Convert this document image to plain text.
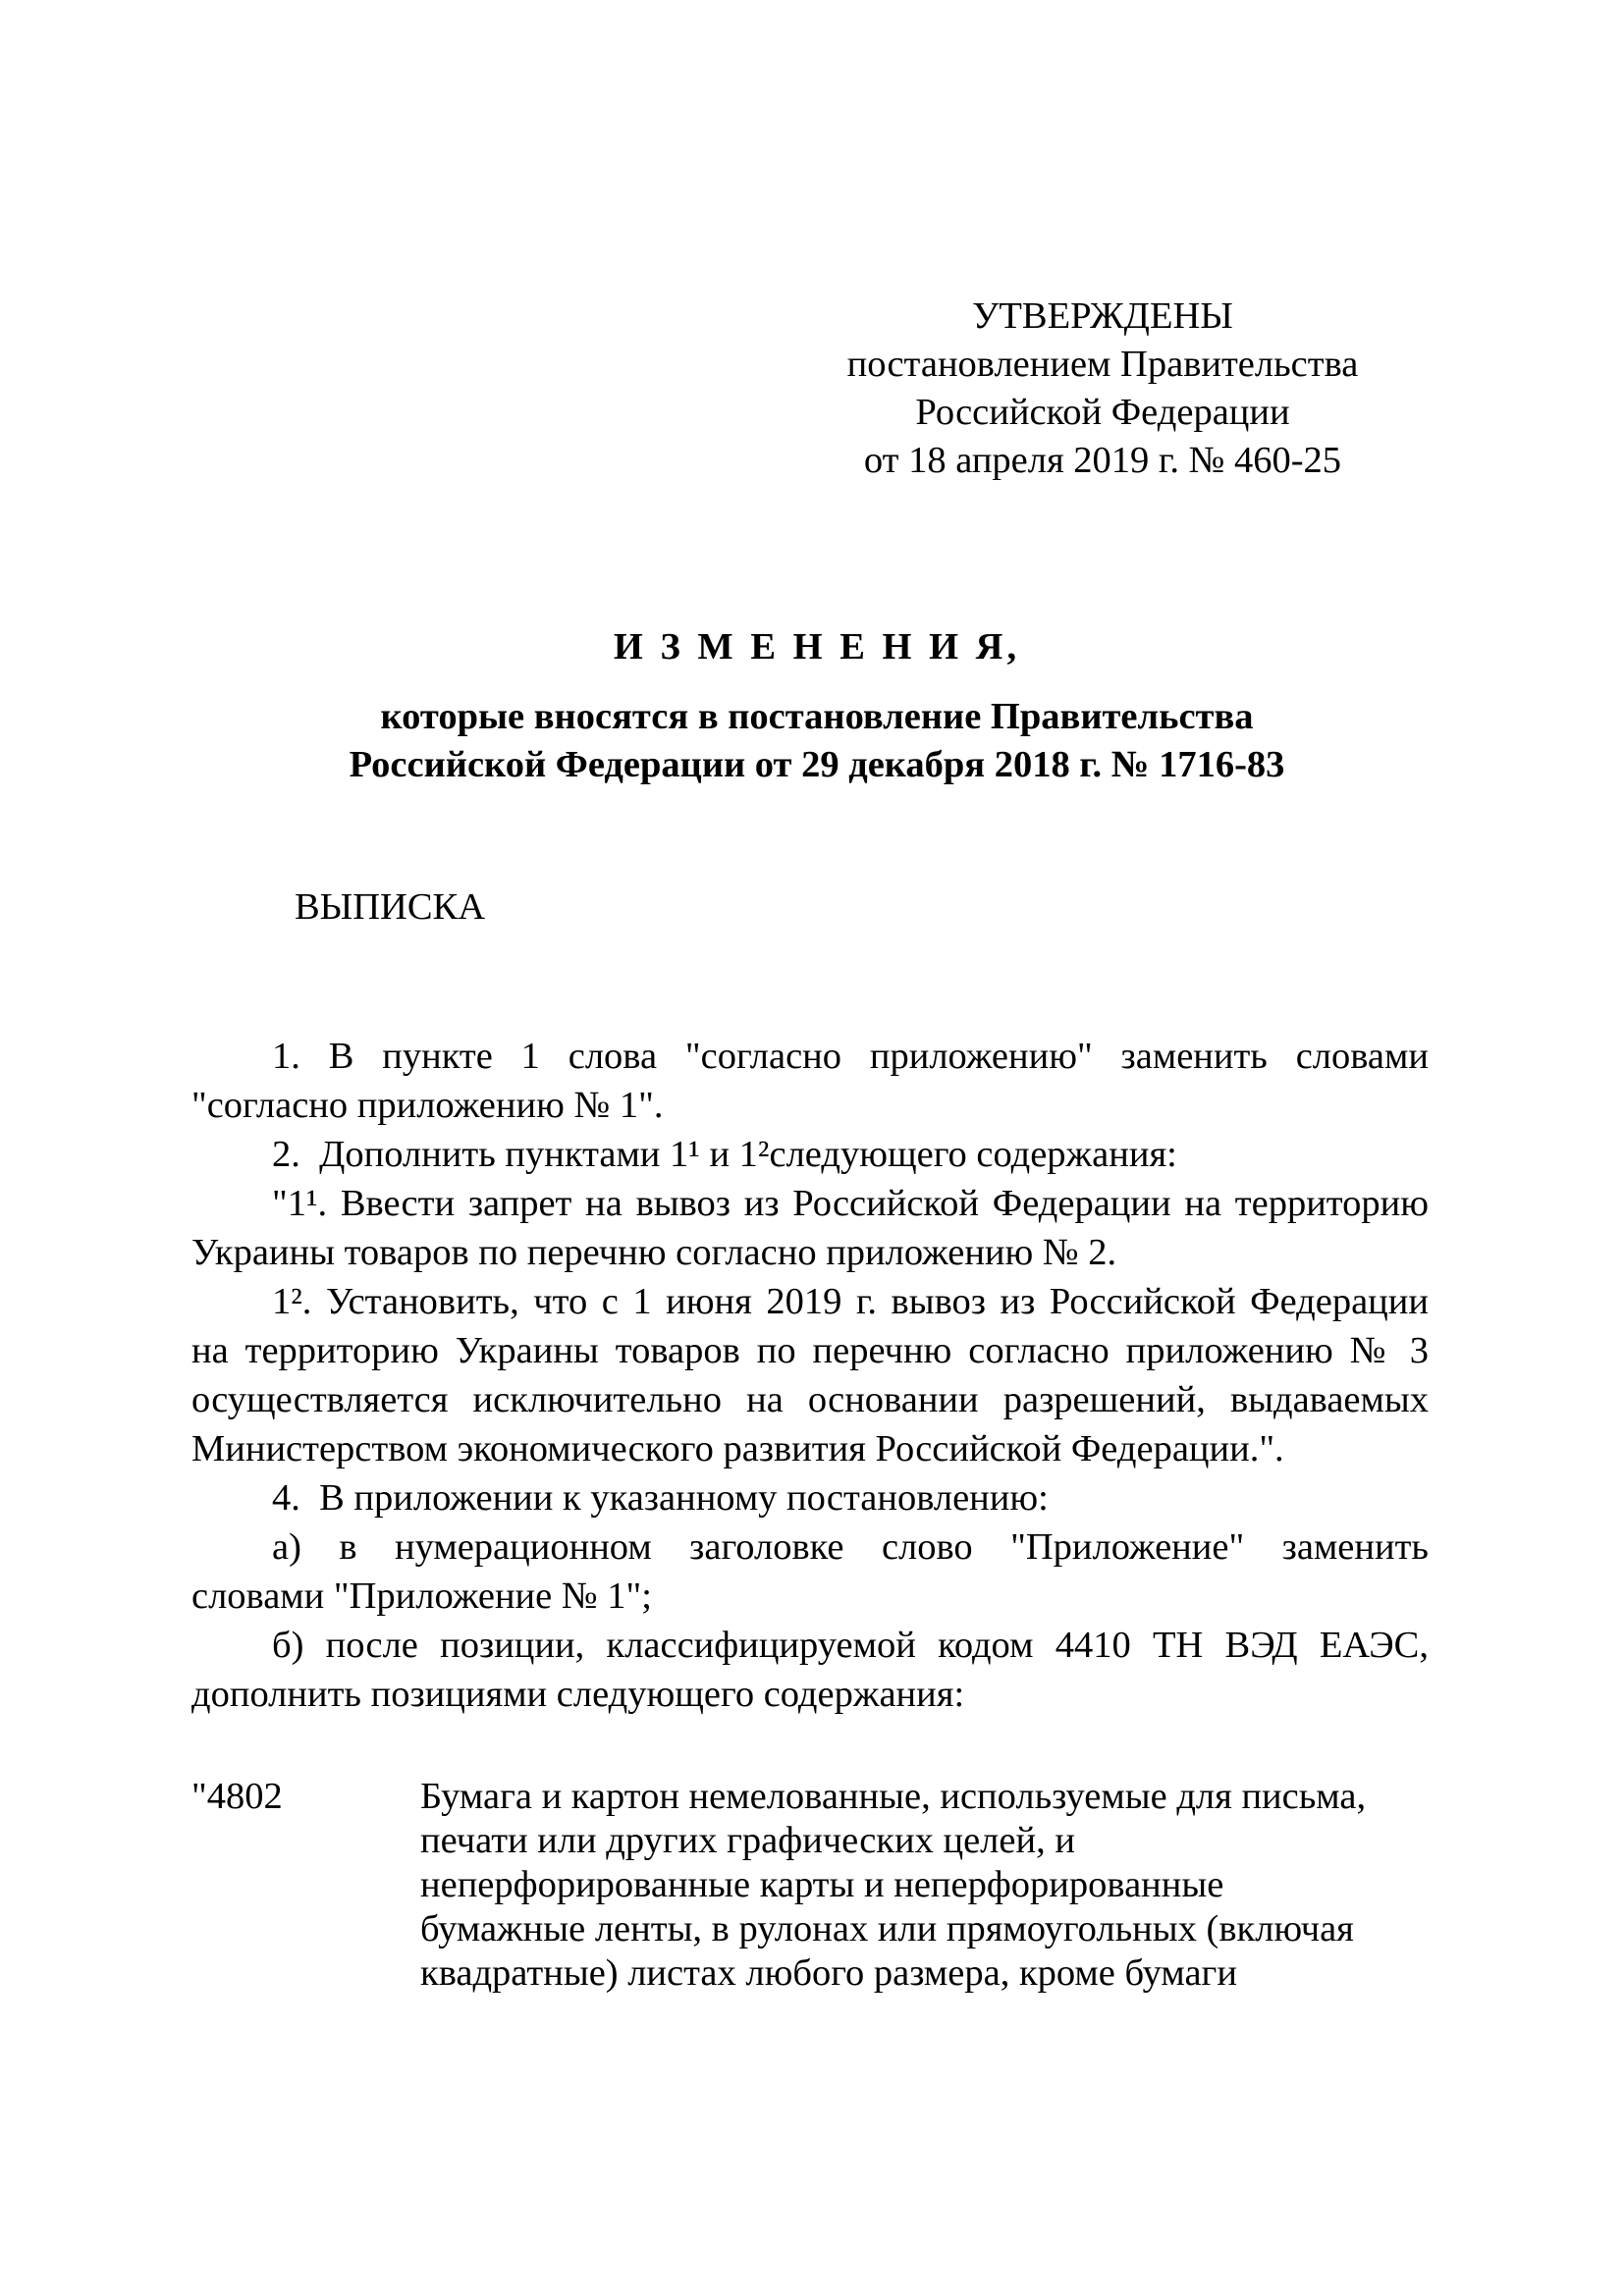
УТВЕРЖДЕНЫ
постановлением Правительства
Российской Федерации
от 18 апреля 2019 г. № 460-25
И З М Е Н Е Н И Я,
которые вносятся в постановление Правительства
Российской Федерации от 29 декабря 2018 г. № 1716-83
ВЫПИСКА

1. В пункте 1 слова "согласно приложению" заменить словами
"согласно приложению № 1".

2.  Дополнить пунктами 1¹ и 1²следующего содержания:

"1¹. Ввести запрет на вывоз из Российской Федерации на территорию
Украины товаров по перечню согласно приложению № 2.

1². Установить, что с 1 июня 2019 г. вывоз из Российской Федерации
на территорию Украины товаров по перечню согласно приложению № 3
осуществляется исключительно на основании разрешений, выдаваемых
Министерством экономического развития Российской Федерации.".

4.  В приложении к указанному постановлению:

а) в нумерационном заголовке слово "Приложение" заменить
словами "Приложение № 1";

б) после позиции, классифицируемой кодом 4410 ТН ВЭД ЕАЭС,
дополнить позициями следующего содержания:

"4802	Бумага и картон немелованные, используемые для письма,
печати или других графических целей, и
неперфорированные карты и неперфорированные
бумажные ленты, в рулонах или прямоугольных (включая
квадратные) листах любого размера, кроме бумаги
